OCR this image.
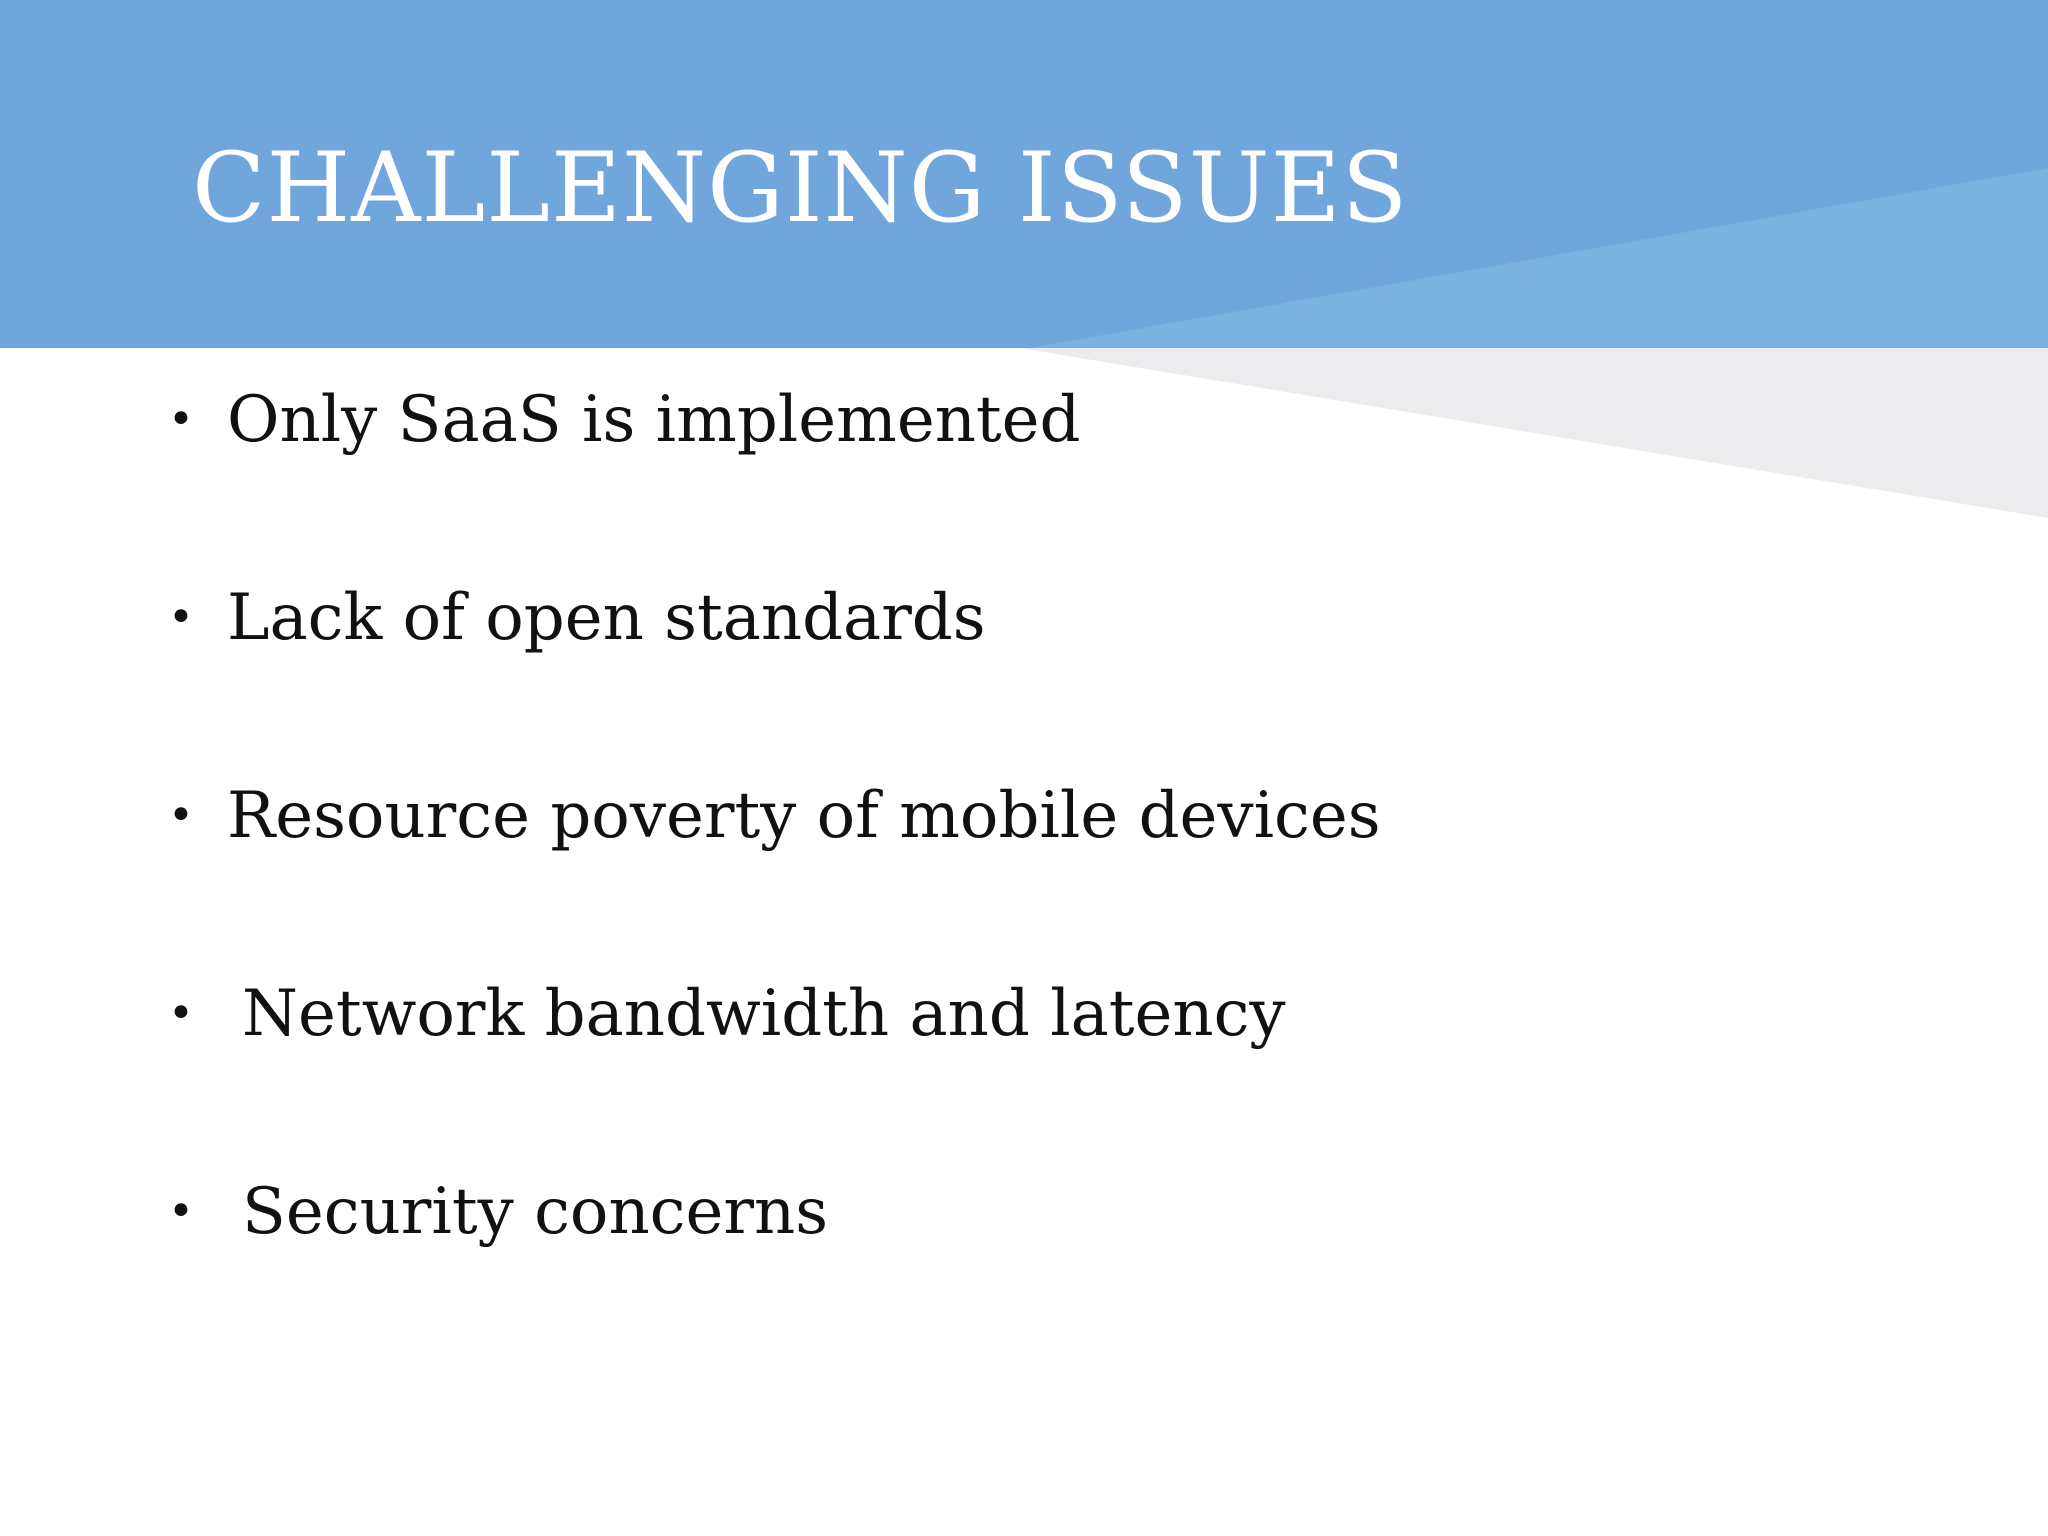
CHALLENGING ISSUES
• Only SaaS is implemented
• Lack of open standards
• Resource poverty of mobile devices
• Network bandwidth and latency
• Security concerns
